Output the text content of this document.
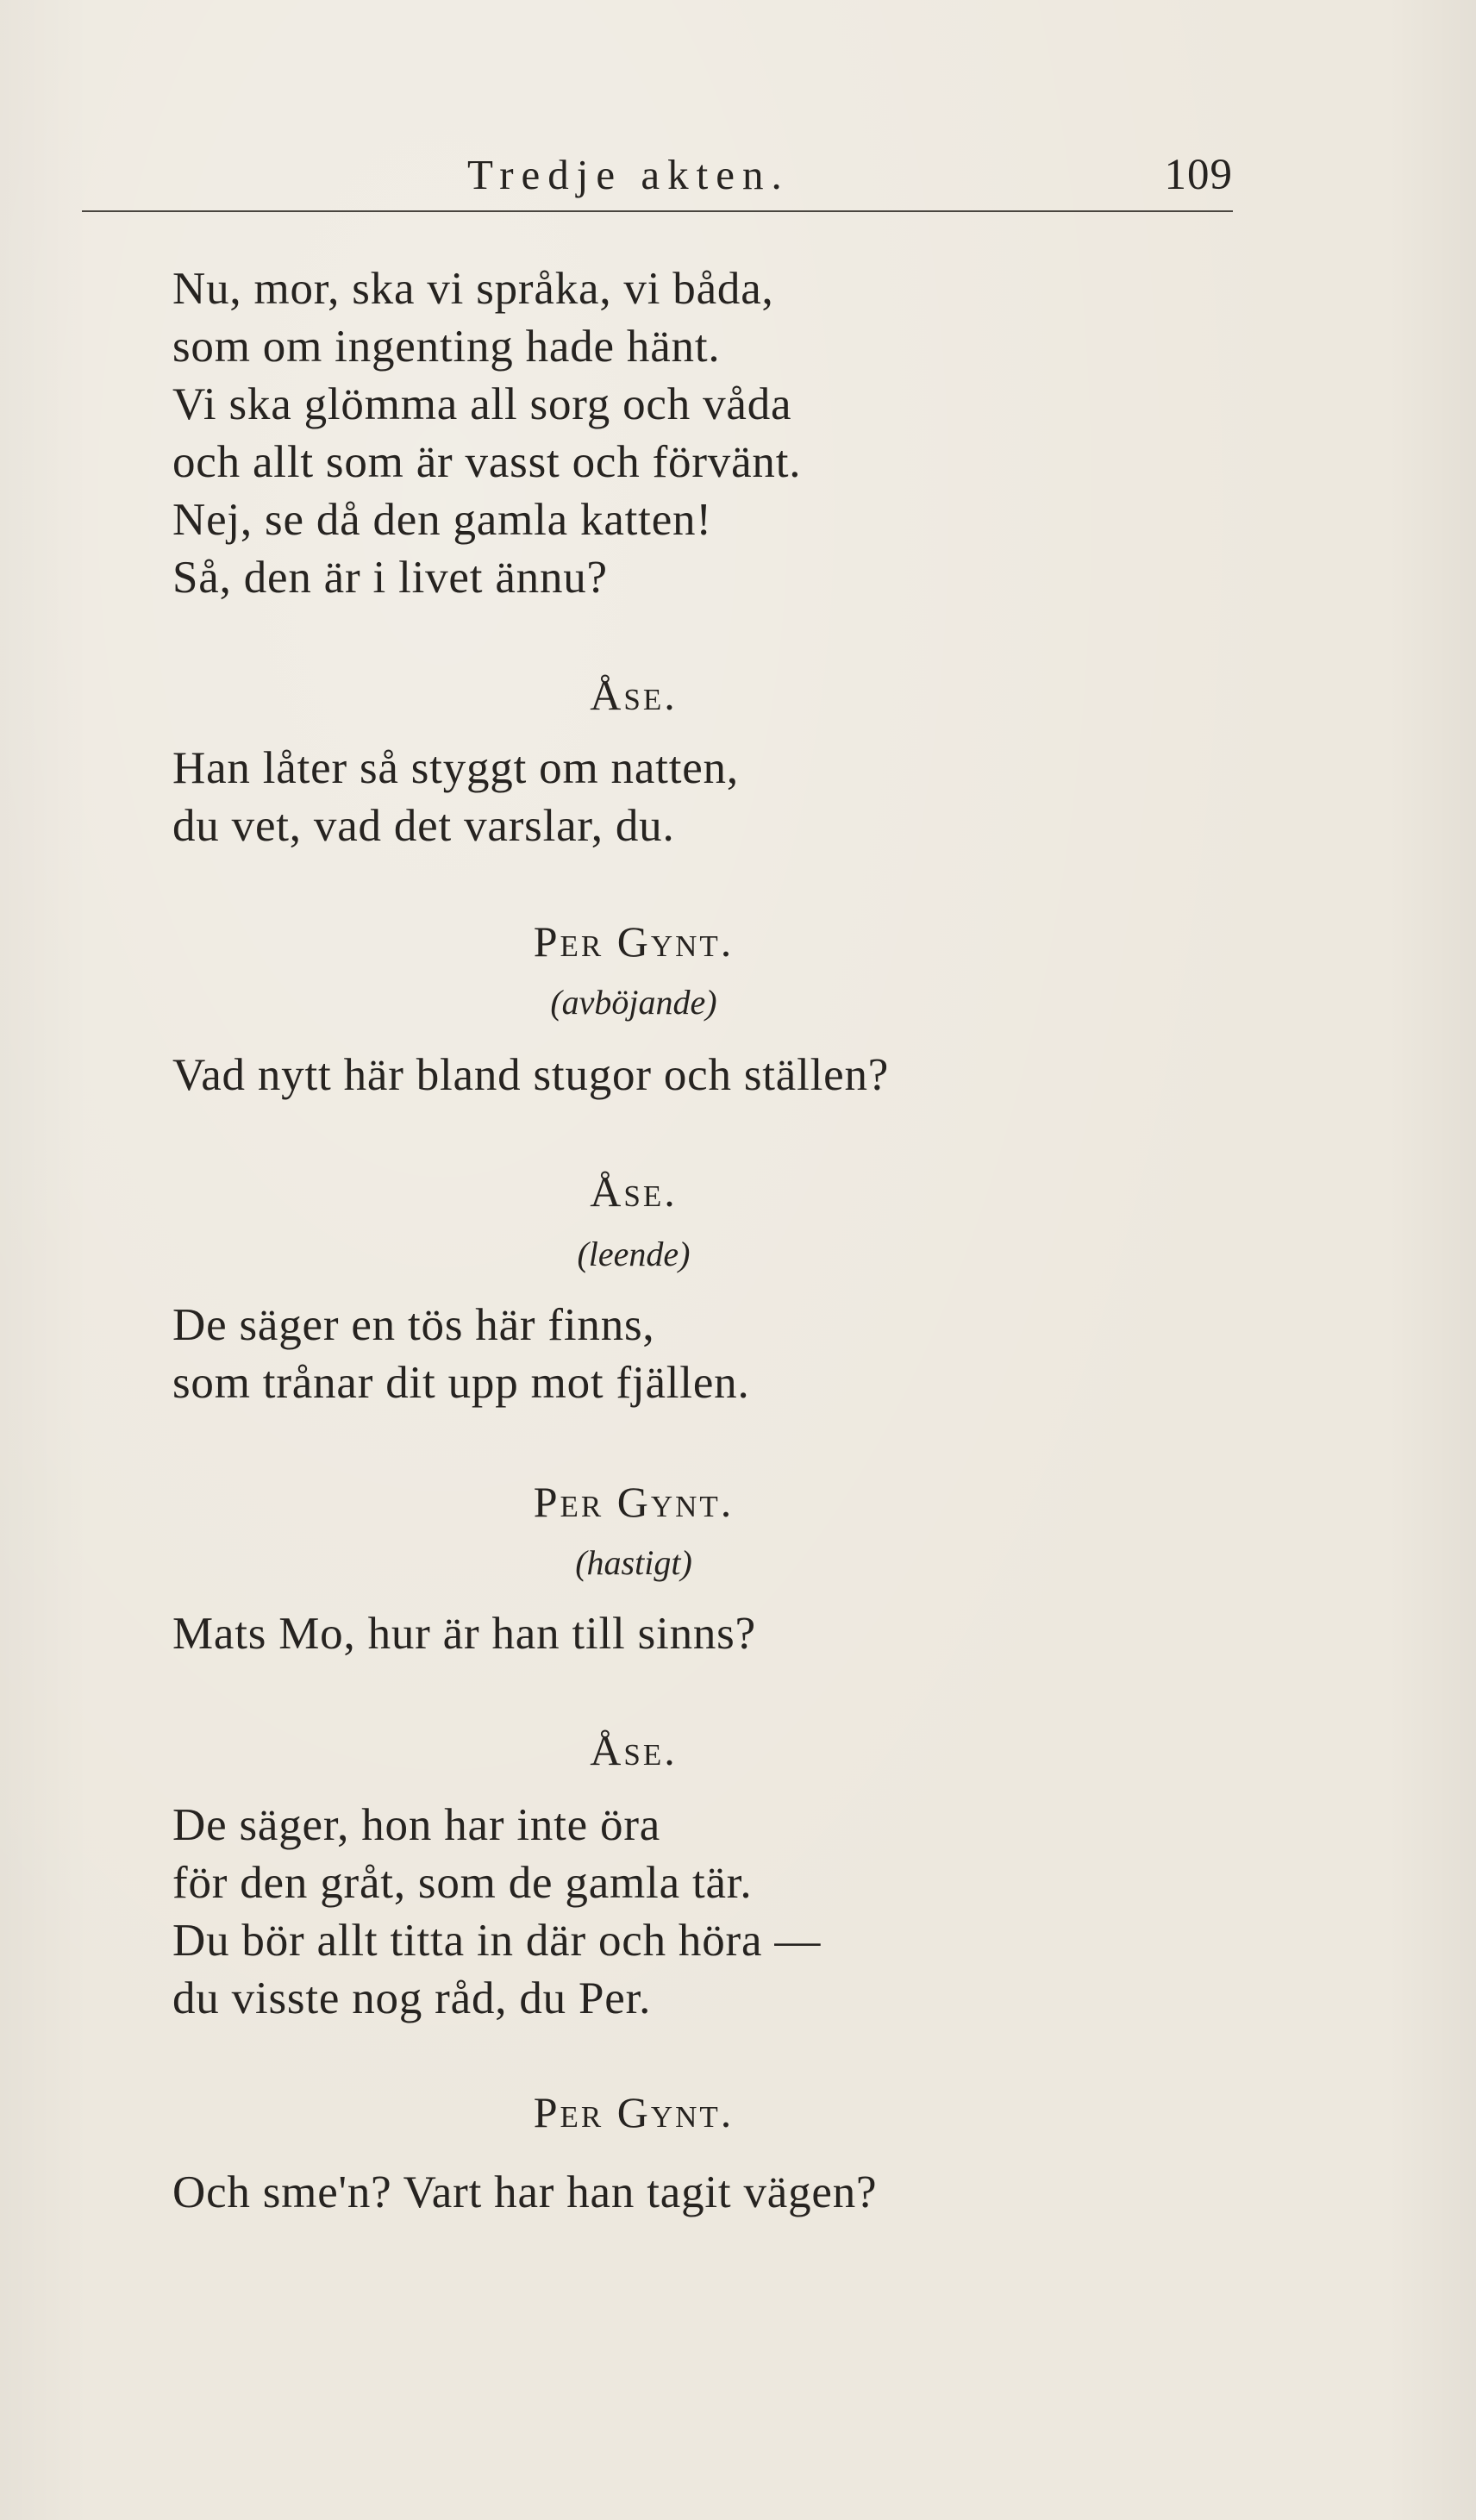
Tredje akten.	109
Nu, mor, ska vi språka, vi båda,
som om ingenting hade hänt.
Vi ska glömma all sorg och våda
och allt som är vasst och förvänt.
Nej, se då den gamla katten!
Så, den är i livet ännu?
Åse.
Han låter så styggt om natten,
du vet, vad det varslar, du.
Per Gynt.
(avböjande)
Vad nytt här bland stugor och ställen?
Åse.
(leende)
De säger en tös här finns,
som trånar dit upp mot fjällen.
Per Gynt.
(hastigt)
Mats Mo, hur är han till sinns?
Åse.
De säger, hon har inte öra
för den gråt, som de gamla tär.
Du bör allt titta in där och höra —
du visste nog råd, du Per.
Per Gynt.
Och sme'n? Vart har han tagit vägen?
